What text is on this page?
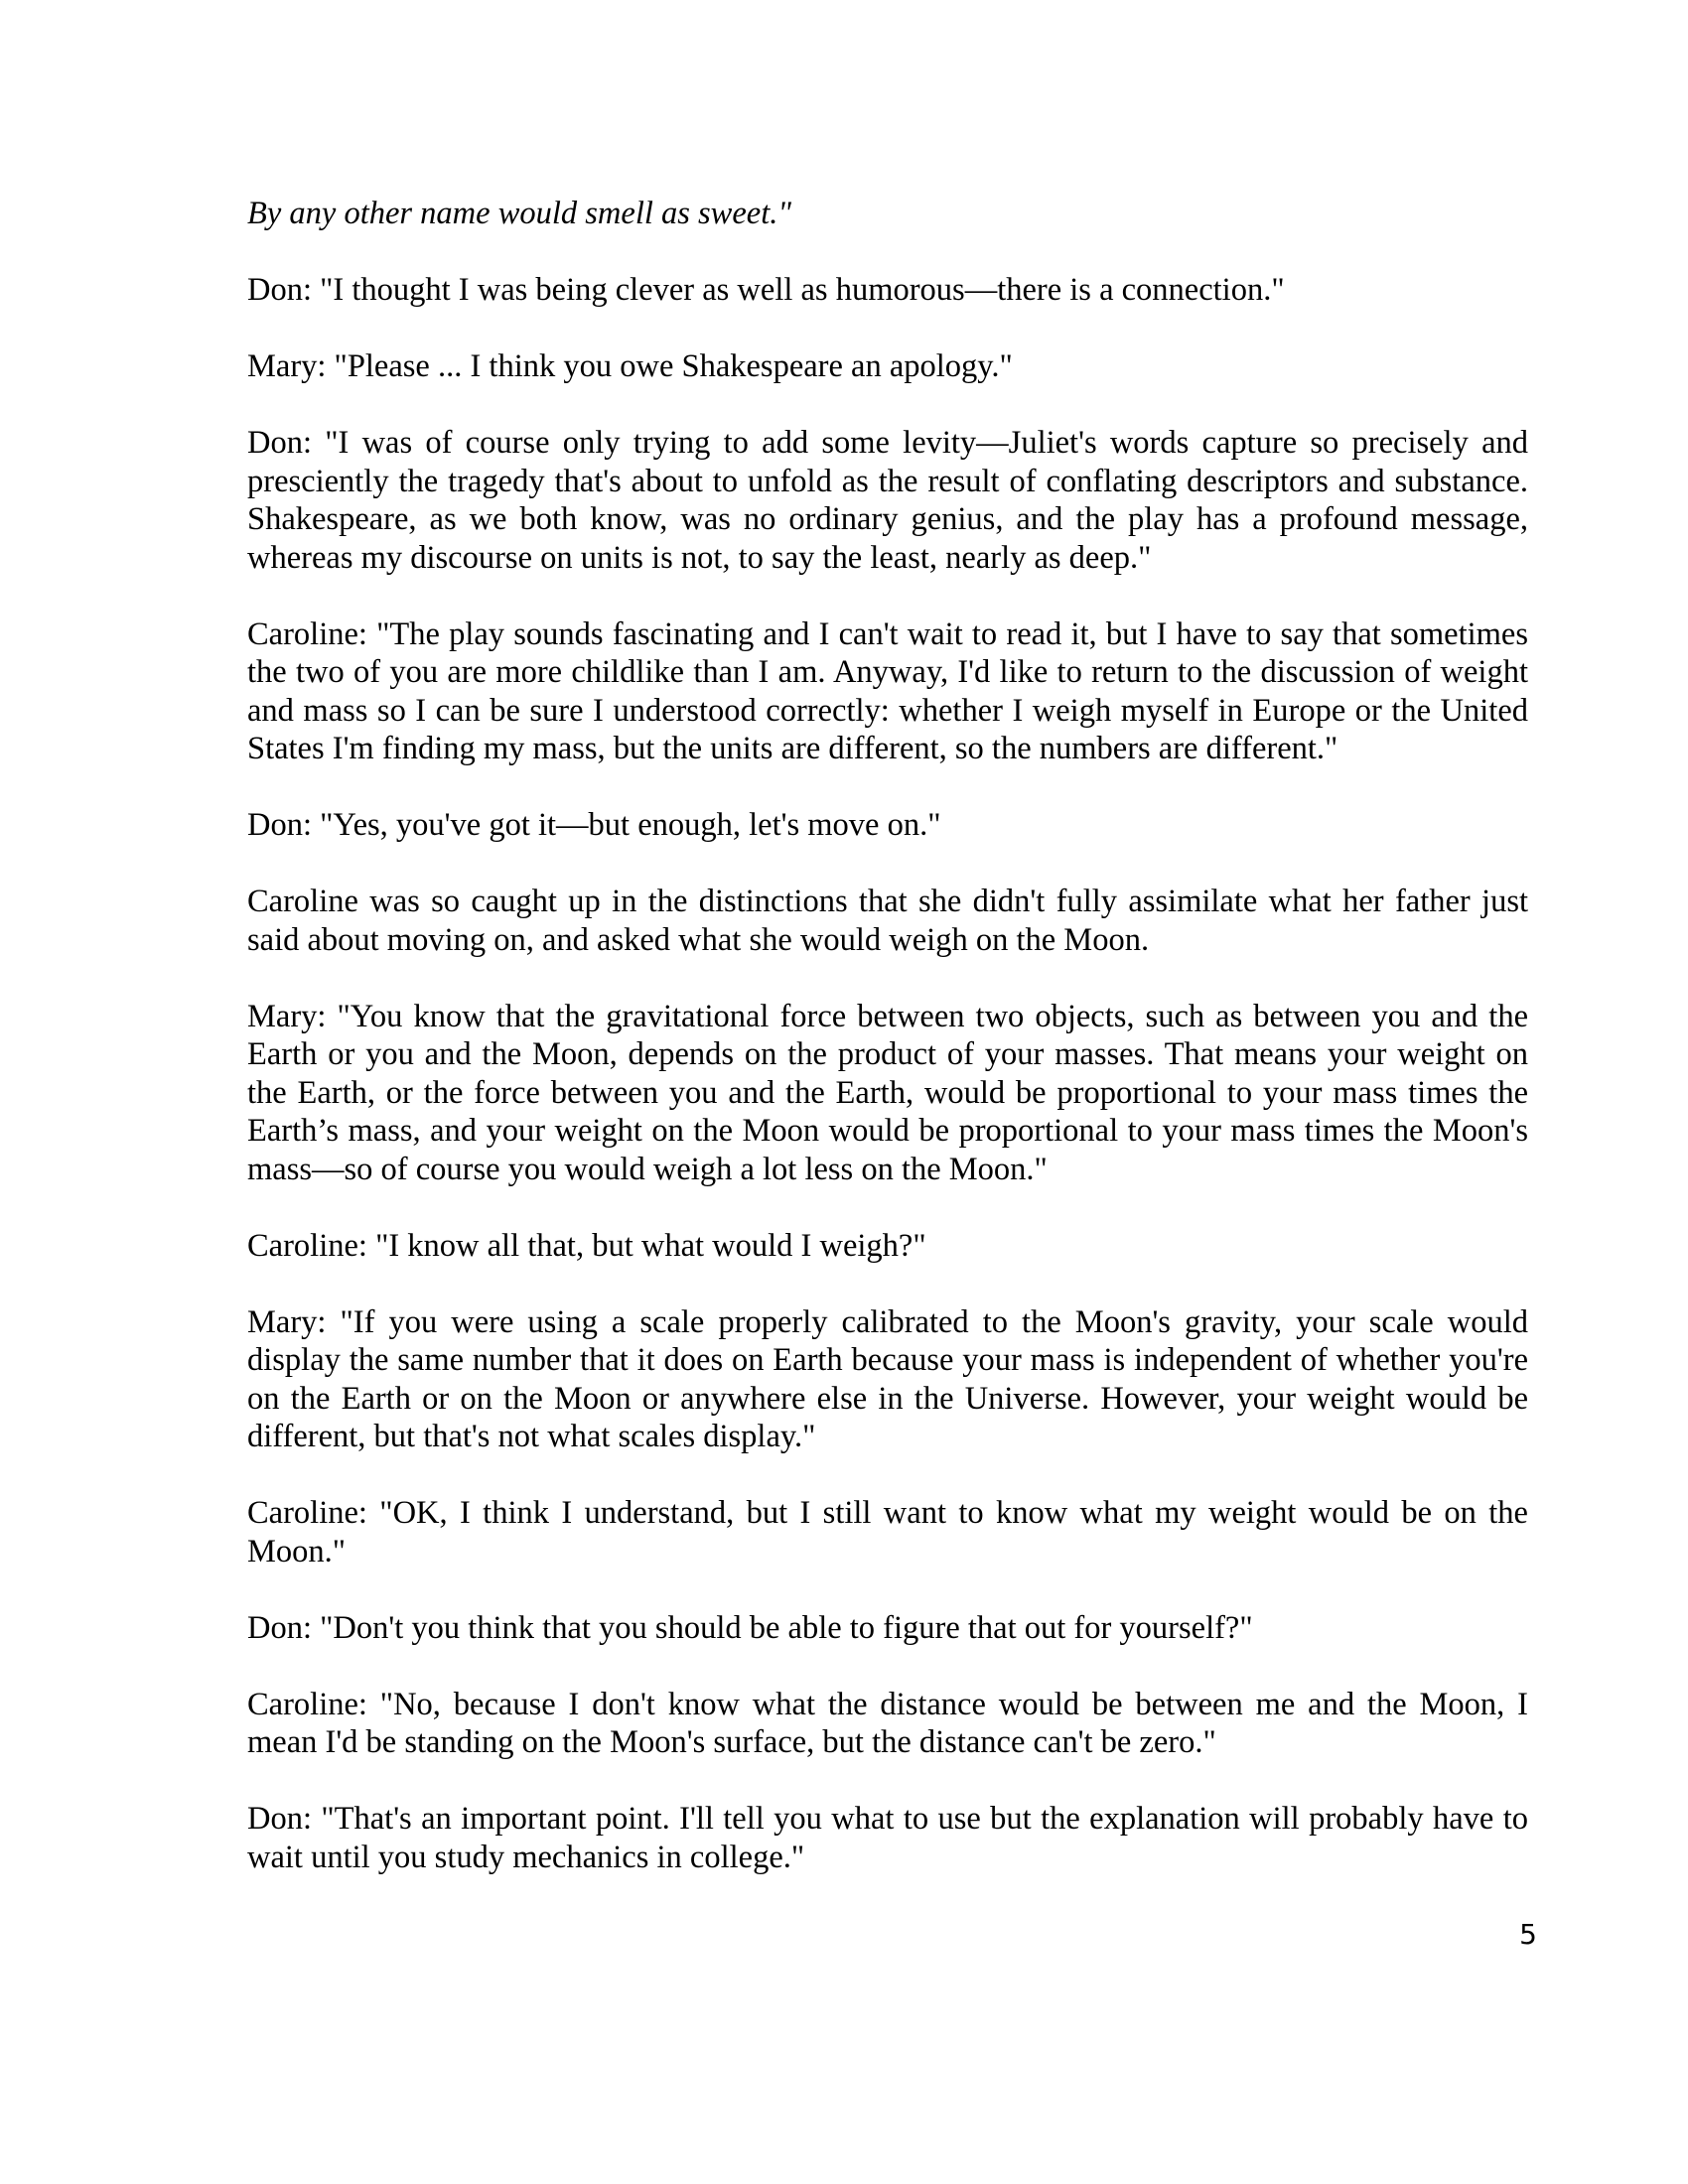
By any other name would smell as sweet."

Don: "I thought I was being clever as well as humorous—there is a connection."

Mary: "Please ... I think you owe Shakespeare an apology."

Don: "I was of course only trying to add some levity—Juliet's words capture so precisely and presciently the tragedy that's about to unfold as the result of conflating descriptors and substance. Shakespeare, as we both know, was no ordinary genius, and the play has a profound message, whereas my discourse on units is not, to say the least, nearly as deep."

Caroline: "The play sounds fascinating and I can't wait to read it, but I have to say that sometimes the two of you are more childlike than I am. Anyway, I'd like to return to the discussion of weight and mass so I can be sure I understood correctly: whether I weigh myself in Europe or the United States I'm finding my mass, but the units are different, so the numbers are different."

Don: "Yes, you've got it—but enough, let's move on."

Caroline was so caught up in the distinctions that she didn't fully assimilate what her father just said about moving on, and asked what she would weigh on the Moon.

Mary: "You know that the gravitational force between two objects, such as between you and the Earth or you and the Moon, depends on the product of your masses. That means your weight on the Earth, or the force between you and the Earth, would be proportional to your mass times the Earth’s mass, and your weight on the Moon would be proportional to your mass times the Moon's mass—so of course you would weigh a lot less on the Moon."

Caroline: "I know all that, but what would I weigh?"

Mary: "If you were using a scale properly calibrated to the Moon's gravity, your scale would display the same number that it does on Earth because your mass is independent of whether you're on the Earth or on the Moon or anywhere else in the Universe. However, your weight would be different, but that's not what scales display."

Caroline: "OK, I think I understand, but I still want to know what my weight would be on the Moon."

Don: "Don't you think that you should be able to figure that out for yourself?"

Caroline: "No, because I don't know what the distance would be between me and the Moon, I mean I'd be standing on the Moon's surface, but the distance can't be zero."

Don: "That's an important point. I'll tell you what to use but the explanation will probably have to wait until you study mechanics in college."

5
